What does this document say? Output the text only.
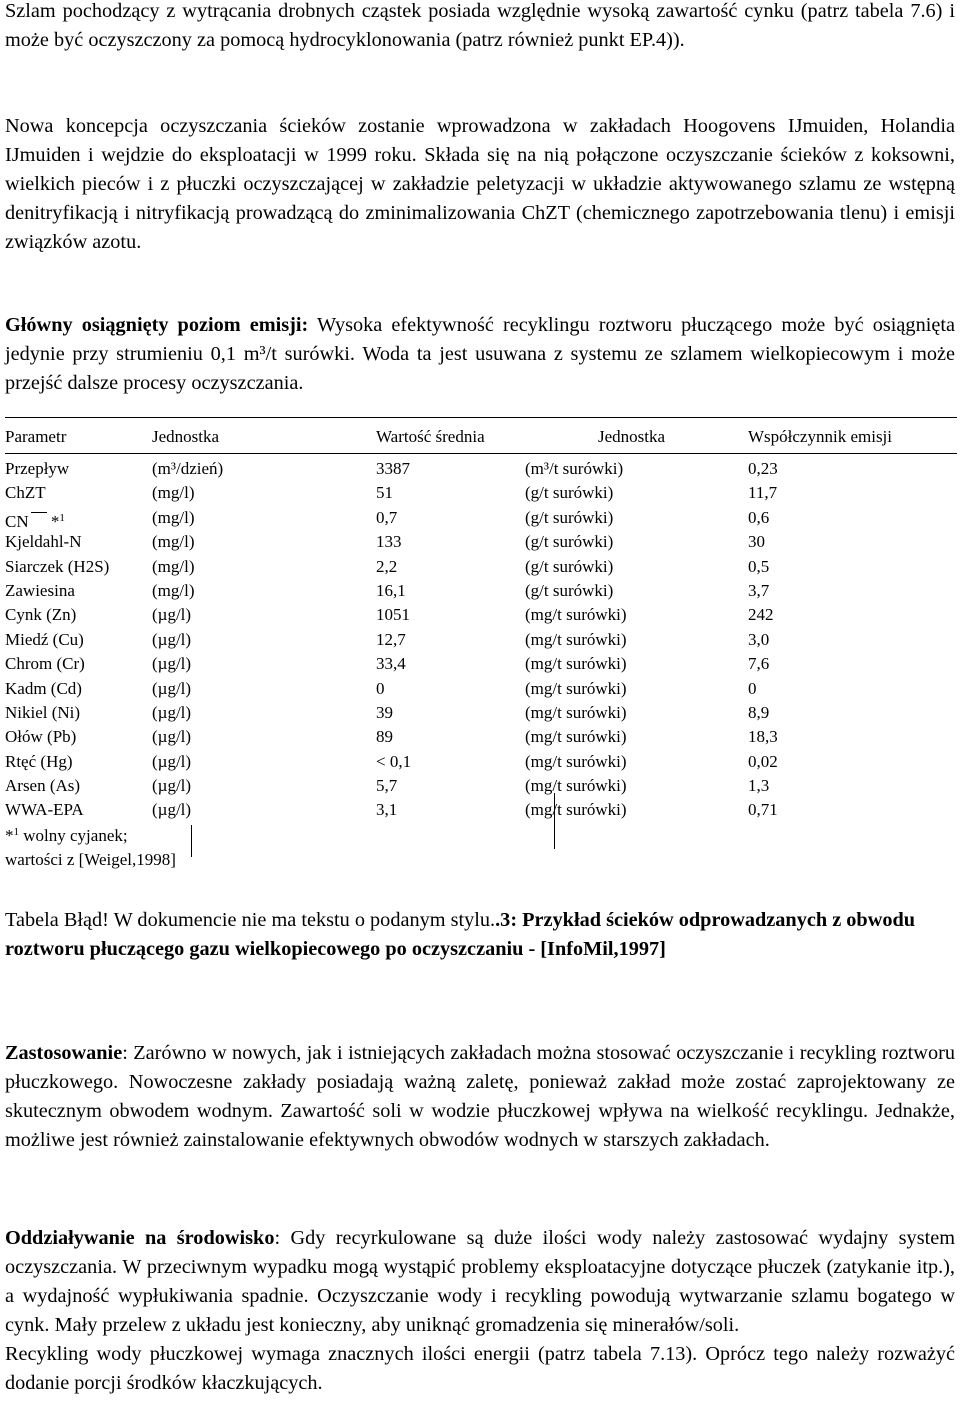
Szlam pochodzący z wytrącania drobnych cząstek posiada względnie wysoką zawartość cynku (patrz tabela 7.6) i może być oczyszczony za pomocą hydrocyklonowania (patrz również punkt EP.4)).

Nowa koncepcja oczyszczania ścieków zostanie wprowadzona w zakładach Hoogovens IJmuiden, Holandia IJmuiden i wejdzie do eksploatacji w 1999 roku. Składa się na nią połączone oczyszczanie ścieków z koksowni, wielkich pieców i z płuczki oczyszczającej w zakładzie peletyzacji w układzie aktywowanego szlamu ze wstępną denitryfikacją i nitryfikacją prowadzącą do zminimalizowania ChZT (chemicznego zapotrzebowania tlenu) i emisji związków azotu.

Główny osiągnięty poziom emisji: Wysoka efektywność recyklingu roztworu płuczącego może być osiągnięta jedynie przy strumieniu 0,1 m³/t surówki. Woda ta jest usuwana z systemu ze szlamem wielkopiecowym i może przejść dalsze procesy oczyszczania.

Parametr	Jednostka	Wartość średnia	Jednostka	Współczynnik emisji
Przepływ	(m³/dzień)	3387	(m³/t surówki)	0,23
ChZT	(mg/l)	51	(g/t surówki)	11,7
CN *$^1$	(mg/l)	0,7	(g/t surówki)	0,6
Kjeldahl-N	(mg/l)	133	(g/t surówki)	30
Siarczek (H2S)	(mg/l)	2,2	(g/t surówki)	0,5
Zawiesina	(mg/l)	16,1	(g/t surówki)	3,7
Cynk (Zn)	(µg/l)	1051	(mg/t surówki)	242
Miedź (Cu)	(µg/l)	12,7	(mg/t surówki)	3,0
Chrom (Cr)	(µg/l)	33,4	(mg/t surówki)	7,6
Kadm (Cd)	(µg/l)	0	(mg/t surówki)	0
Nikiel (Ni)	(µg/l)	39	(mg/t surówki)	8,9
Ołów (Pb)	(µg/l)	89	(mg/t surówki)	18,3
Rtęć (Hg)	(µg/l)	< 0,1	(mg/t surówki)	0,02
Arsen (As)	(µg/l)	5,7	(mg/t surówki)	1,3
WWA-EPA	(µg/l)	3,1	(mg/t surówki)	0,71
*$^1$ wolny cyjanek;
wartości z [Weigel,1998]

Tabela Błąd! W dokumencie nie ma tekstu o podanym stylu..3: Przykład ścieków odprowadzanych z obwodu roztworu płuczącego gazu wielkopiecowego po oczyszczaniu - [InfoMil,1997]

Zastosowanie: Zarówno w nowych, jak i istniejących zakładach można stosować oczyszczanie i recykling roztworu płuczkowego. Nowoczesne zakłady posiadają ważną zaletę, ponieważ zakład może zostać zaprojektowany ze skutecznym obwodem wodnym. Zawartość soli w wodzie płuczkowej wpływa na wielkość recyklingu. Jednakże, możliwe jest również zainstalowanie efektywnych obwodów wodnych w starszych zakładach.

Oddziaływanie na środowisko: Gdy recyrkulowane są duże ilości wody należy zastosować wydajny system oczyszczania. W przeciwnym wypadku mogą wystąpić problemy eksploatacyjne dotyczące płuczek (zatykanie itp.), a wydajność wypłukiwania spadnie. Oczyszczanie wody i recykling powodują wytwarzanie szlamu bogatego w cynk. Mały przelew z układu jest konieczny, aby uniknąć gromadzenia się minerałów/soli.

Recykling wody płuczkowej wymaga znacznych ilości energii (patrz tabela 7.13). Oprócz tego należy rozważyć dodanie porcji środków kłaczkujących.
